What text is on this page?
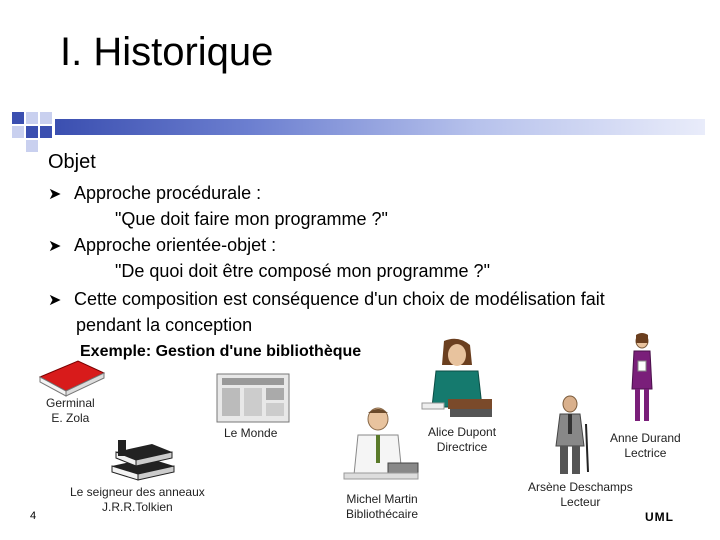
I. Historique
Objet
➤ Approche procédurale :
"Que doit faire mon programme ?"
➤ Approche orientée-objet :
"De quoi doit être composé mon programme ?"
➤ Cette composition est conséquence d'un choix de modélisation fait
pendant la conception
Exemple: Gestion d'une bibliothèque
Germinal
E. Zola
Le Monde
Le seigneur des anneaux
J.R.R.Tolkien
Michel Martin
Bibliothécaire
Alice Dupont
Directrice
Arsène Deschamps
Lecteur
Anne Durand
Lectrice
4	UML
